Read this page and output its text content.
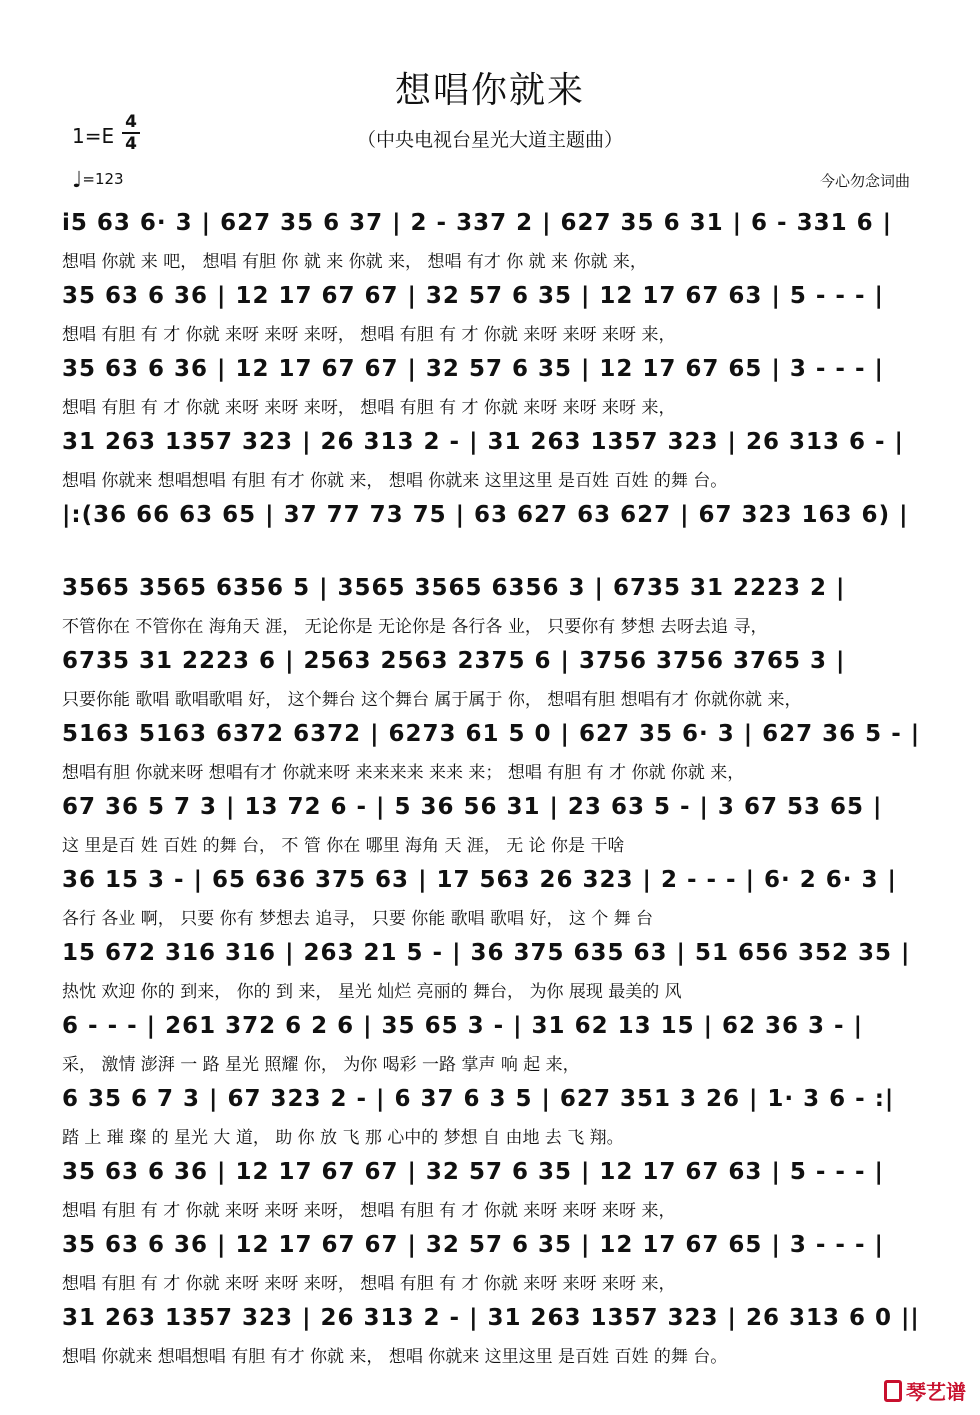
想唱你就来
（中央电视台星光大道主题曲）
1=E
4
4
♩=123	今心勿念词曲
i5 63 6· 3 | 627 35 6 37 | 2 - 337 2 | 627 35 6 31 | 6 - 331 6 |
想唱 你就 来 吧， 想唱 有胆 你 就 来 你就 来， 想唱 有才 你 就 来 你就 来，
35 63 6 36 | 12 17 67 67 | 32 57 6 35 | 12 17 67 63 | 5 - - - |
想唱 有胆 有 才 你就 来呀 来呀 来呀， 想唱 有胆 有 才 你就 来呀 来呀 来呀 来，
35 63 6 36 | 12 17 67 67 | 32 57 6 35 | 12 17 67 65 | 3 - - - |
想唱 有胆 有 才 你就 来呀 来呀 来呀， 想唱 有胆 有 才 你就 来呀 来呀 来呀 来，
31 263 1357 323 | 26 313 2 - | 31 263 1357 323 | 26 313 6 - |
想唱 你就来 想唱想唱 有胆 有才 你就 来， 想唱 你就来 这里这里 是百姓 百姓 的舞 台。
|:(36 66 63 65 | 37 77 73 75 | 63 627 63 627 | 67 323 163 6) |
3565 3565 6356 5 | 3565 3565 6356 3 | 6735 31 2223 2 |
不管你在 不管你在 海角天 涯， 无论你是 无论你是 各行各 业， 只要你有 梦想 去呀去追 寻，
6735 31 2223 6 | 2563 2563 2375 6 | 3756 3756 3765 3 |
只要你能 歌唱 歌唱歌唱 好， 这个舞台 这个舞台 属于属于 你， 想唱有胆 想唱有才 你就你就 来，
5163 5163 6372 6372 | 6273 61 5 0 | 627 35 6· 3 | 627 36 5 - |
想唱有胆 你就来呀 想唱有才 你就来呀 来来来来 来来 来； 想唱 有胆 有 才 你就 你就 来，
67 36 5 7 3 | 13 72 6 - | 5 36 56 31 | 23 63 5 - | 3 67 53 65 |
这 里是百 姓 百姓 的舞 台， 不 管 你在 哪里 海角 天 涯， 无 论 你是 干啥
36 15 3 - | 65 636 375 63 | 17 563 26 323 | 2 - - - | 6· 2 6· 3 |
各行 各业 啊， 只要 你有 梦想去 追寻， 只要 你能 歌唱 歌唱 好， 这 个 舞 台
15 672 316 316 | 263 21 5 - | 36 375 635 63 | 51 656 352 35 |
热忱 欢迎 你的 到来， 你的 到 来， 星光 灿烂 亮丽的 舞台， 为你 展现 最美的 风
6 - - - | 261 372 6 2 6 | 35 65 3 - | 31 62 13 15 | 62 36 3 - |
采， 激情 澎湃 一 路 星光 照耀 你， 为你 喝彩 一路 掌声 响 起 来，
6 35 6 7 3 | 67 323 2 - | 6 37 6 3 5 | 627 351 3 26 | 1· 3 6 - :|
踏 上 璀 璨 的 星光 大 道， 助 你 放 飞 那 心中的 梦想 自 由地 去 飞 翔。
35 63 6 36 | 12 17 67 67 | 32 57 6 35 | 12 17 67 63 | 5 - - - |
想唱 有胆 有 才 你就 来呀 来呀 来呀， 想唱 有胆 有 才 你就 来呀 来呀 来呀 来，
35 63 6 36 | 12 17 67 67 | 32 57 6 35 | 12 17 67 65 | 3 - - - |
想唱 有胆 有 才 你就 来呀 来呀 来呀， 想唱 有胆 有 才 你就 来呀 来呀 来呀 来，
31 263 1357 323 | 26 313 2 - | 31 263 1357 323 | 26 313 6 0 ||
想唱 你就来 想唱想唱 有胆 有才 你就 来， 想唱 你就来 这里这里 是百姓 百姓 的舞 台。
琴艺谱
